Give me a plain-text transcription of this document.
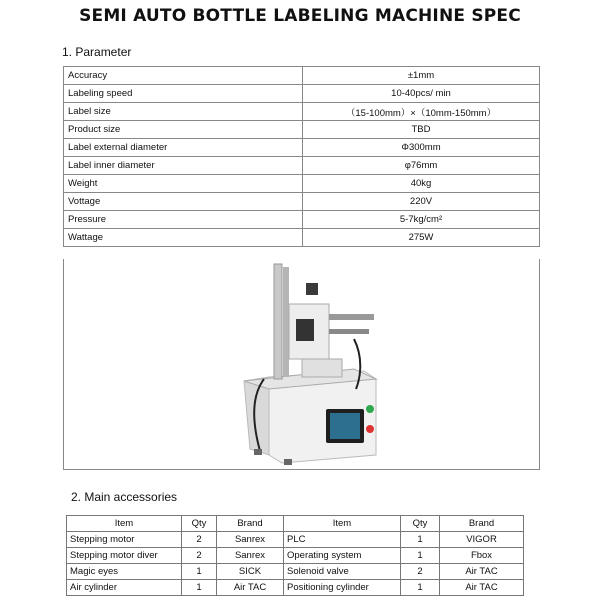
SEMI AUTO BOTTLE LABELING MACHINE SPEC
1. Parameter
Accuracy	±1mm
Labeling speed	10-40pcs/ min
Label size	（15-100mm）×（10mm-150mm）
Product size	TBD
Label external diameter	Φ300mm
Label inner diameter	φ76mm
Weight	40kg
Vottage	220V
Pressure	5-7kg/cm²
Wattage	275W
2. Main accessories
Item	Qty	Brand	Item	Qty	Brand
Stepping motor	2	Sanrex	PLC	1	VIGOR
Stepping motor diver	2	Sanrex	Operating system	1	Fbox
Magic eyes	1	SICK	Solenoid valve	2	Air TAC
Air cylinder	1	Air TAC	Positioning cylinder	1	Air TAC
